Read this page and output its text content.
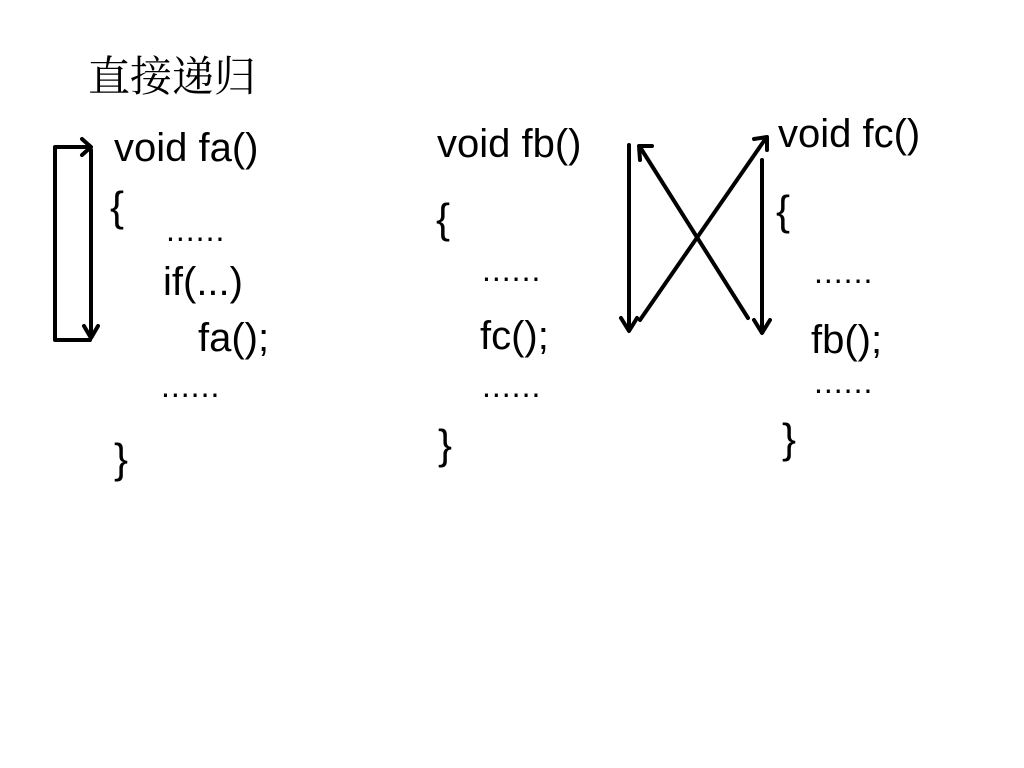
直接递归
void fa()
{ ......
if(...)
fa();
......
}
void fb()
{
......
fc();
......
}
void fc()
{
......
fb();
......
}
